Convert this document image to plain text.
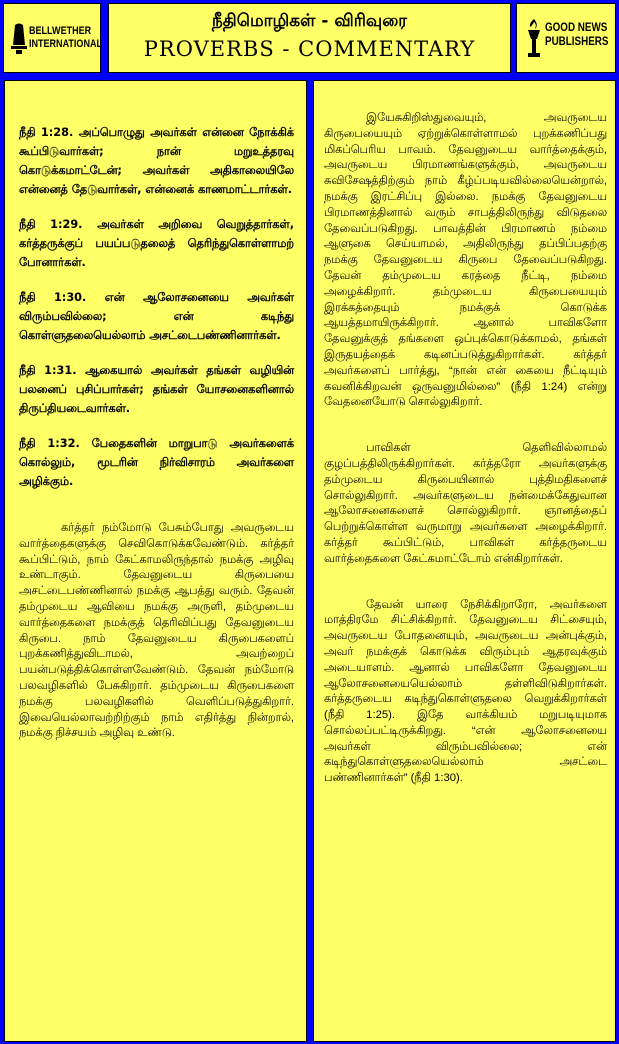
BELLWETHER
INTERNATIONAL
நீதிமொழிகள் - விரிவுரை
PROVERBS - COMMENTARY
GOOD NEWS
PUBLISHERS

நீதி 1:28. அப்பொழுது அவர்கள் என்னை நோக்கிக் கூப்பிடுவார்கள்; நான் மறுஉத்தரவு கொடுக்கமாட்டேன்; அவர்கள் அதிகாலையிலே என்னைத் தேடுவார்கள், என்னைக் காணமாட்டார்கள்.

நீதி 1:29. அவர்கள் அறிவை வெறுத்தார்கள், கர்த்தருக்குப் பயப்படுதலைத் தெரிந்துகொள்ளாமற் போனார்கள்.

நீதி 1:30. என் ஆலோசனையை அவர்கள் விரும்பவில்லை; என் கடிந்து கொள்ளுதலையெல்லாம் அசட்டைபண்ணினார்கள்.

நீதி 1:31. ஆகையால் அவர்கள் தங்கள் வழியின் பலனைப் புசிப்பார்கள்; தங்கள் யோசனைகளினால் திருப்தியடைவார்கள்.

நீதி 1:32. பேதைகளின் மாறுபாடு அவர்களைக் கொல்லும், மூடரின் நிர்விசாரம் அவர்களை அழிக்கும்.

கர்த்தர் நம்மோடு பேசும்போது அவருடைய வார்த்தைகளுக்கு செவிகொடுக்கவேண்டும். கர்த்தர் கூப்பிட்டும், நாம் கேட்காமலிருந்தால் நமக்கு அழிவு உண்டாகும். தேவனுடைய கிருபையை அசட்டைபண்ணினால் நமக்கு ஆபத்து வரும். தேவன் தம்முடைய ஆவியை நமக்கு அருளி, தம்முடைய வார்த்தைகளை நமக்குத் தெரிவிப்பது தேவனுடைய கிருபை. நாம் தேவனுடைய கிருபைகளைப் புறக்கணித்துவிடாமல், அவற்றைப் பயன்படுத்திக்கொள்ளவேண்டும். தேவன் நம்மோடு பலவழிகளில் பேசுகிறார். தம்முடைய கிருபைகளை நமக்கு பலவழிகளில் வெளிப்படுத்துகிறார். இவையெல்லாவற்றிற்கும் நாம் எதிர்த்து நின்றால், நமக்கு நிச்சயம் அழிவு உண்டு.

இயேசுகிறிஸ்துவையும், அவருடைய கிருபையையும் ஏற்றுக்கொள்ளாமல் புறக்கணிப்பது மிகப்பெரிய பாவம். தேவனுடைய வார்த்தைக்கும், அவருடைய பிரமாணங்களுக்கும், அவருடைய சுவிசேஷத்திற்கும் நாம் கீழ்ப்படியவில்லையென்றால், நமக்கு இரட்சிப்பு இல்லை. நமக்கு தேவனுடைய பிரமாணத்தினால் வரும் சாபத்திலிருந்து விடுதலை தேவைப்படுகிறது. பாவத்தின் பிரமாணம் நம்மை ஆளுகை செய்யாமல், அதிலிருந்து தப்பிப்பதற்கு நமக்கு தேவனுடைய கிருபை தேவைப்படுகிறது. தேவன் தம்முடைய கரத்தை நீட்டி, நம்மை அழைக்கிறார். தம்முடைய கிருபையையும் இரக்கத்தையும் நமக்குக் கொடுக்க ஆயத்தமாயிருக்கிறார். ஆனால் பாவிகளோ தேவனுக்குத் தங்களை ஒப்புக்கொடுக்காமல், தங்கள் இருதயத்தைக் கடினப்படுத்துகிறார்கள். கர்த்தர் அவர்களைப் பார்த்து, “நான் என் கையை நீட்டியும் கவனிக்கிறவன் ஒருவனுமில்லை” (நீதி 1:24) என்று வேதனையோடு சொல்லுகிறார்.

பாவிகள் தெளிவில்லாமல் குழப்பத்திலிருக்கிறார்கள். கர்த்தரோ அவர்களுக்கு தம்முடைய கிருபையினால் புத்திமதிகளைச் சொல்லுகிறார். அவர்களுடைய நன்மைக்கேதுவான ஆலோசனைகளைச் சொல்லுகிறார். ஞானத்தைப் பெற்றுக்கொள்ள வருமாறு அவர்களை அழைக்கிறார். கர்த்தர் கூப்பிட்டும், பாவிகள் கர்த்தருடைய வார்த்தைகளை கேட்கமாட்டோம் என்கிறார்கள்.

தேவன் யாரை நேசிக்கிறாரோ, அவர்களை மாத்திரமே சிட்சிக்கிறார். தேவனுடைய சிட்சையும், அவருடைய போதனையும், அவருடைய அன்புக்கும், அவர் நமக்குக் கொடுக்க விரும்பும் ஆதரவுக்கும் அடையாளம். ஆனால் பாவிகளோ தேவனுடைய ஆலோசனையையெல்லாம் தள்ளிவிடுகிறார்கள். கர்த்தருடைய கடிந்துகொள்ளுதலை வெறுக்கிறார்கள் (நீதி 1:25). இதே வாக்கியம் மறுபடியுமாக சொல்லப்பட்டிருக்கிறது. “என் ஆலோசனையை அவர்கள் விரும்பவில்லை; என் கடிந்துகொள்ளுதலையெல்லாம் அசட்டை பண்ணினார்கள்” (நீதி 1:30).
